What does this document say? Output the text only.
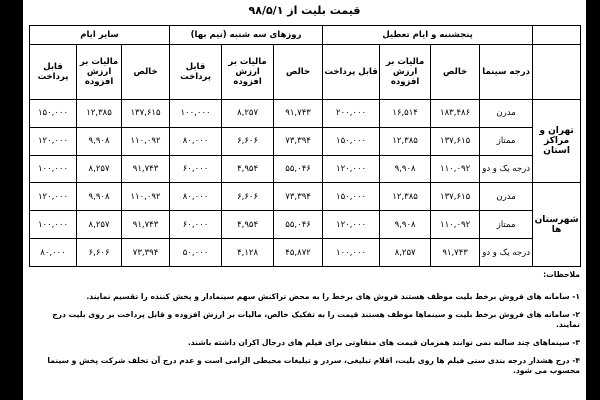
قیمت بلیت از ۹۸/۵/۱
	پنجشنبه و ایام تعطیل				روزهای سه شنبه (نیم بها)			سایر ایام		
	درجه سینما	خالص	مالیات بر ارزش افزوده	قابل پرداخت	خالص	مالیات بر ارزش افزوده	قابل پرداخت	خالص	مالیات بر ارزش افزوده	قابل پرداخت
تهران و مراکز استان	مدرن	۱۸۳,۴۸۶	۱۶,۵۱۴	۲۰۰,۰۰۰	۹۱,۷۴۳	۸,۲۵۷	۱۰۰,۰۰۰	۱۳۷,۶۱۵	۱۲,۳۸۵	۱۵۰,۰۰۰
	ممتاز	۱۳۷,۶۱۵	۱۲,۳۸۵	۱۵۰,۰۰۰	۷۳,۳۹۴	۶,۶۰۶	۸۰,۰۰۰	۱۱۰,۰۹۲	۹,۹۰۸	۱۲۰,۰۰۰
	درجه یک و دو	۱۱۰,۰۹۲	۹,۹۰۸	۱۲۰,۰۰۰	۵۵,۰۴۶	۴,۹۵۴	۶۰,۰۰۰	۹۱,۷۴۳	۸,۲۵۷	۱۰۰,۰۰۰
شهرستان ها	مدرن	۱۳۷,۶۱۵	۱۲,۳۸۵	۱۵۰,۰۰۰	۷۳,۳۹۴	۶,۶۰۶	۸۰,۰۰۰	۱۱۰,۰۹۲	۹,۹۰۸	۱۲۰,۰۰۰
	ممتاز	۱۱۰,۰۹۲	۹,۹۰۸	۱۲۰,۰۰۰	۵۵,۰۴۶	۴,۹۵۴	۶۰,۰۰۰	۹۱,۷۴۳	۸,۲۵۷	۱۰۰,۰۰۰
	درجه یک و دو	۹۱,۷۴۳	۸,۲۵۷	۱۰۰,۰۰۰	۴۵,۸۷۲	۴,۱۲۸	۵۰,۰۰۰	۷۳,۳۹۴	۶,۶۰۶	۸۰,۰۰۰
ملاحظات:

۱- سامانه های فروش برخط بلیت موظف هستند فروش های برخط را به محض تراکنش سهم سینمادار و پخش کننده را تقسیم نمایند.

۲- سامانه های فروش برخط بلیت و سینماها موظف هستند قیمت را به تفکیک خالص، مالیات بر ارزش افزوده و قابل پرداخت بر روی بلیت درج نمایند.

۳- سینماهای چند سالنه نمی توانند همزمان قیمت های متفاوتی برای فیلم های درحال اکران داشته باشند.

۴- درج هشدار درجه بندی سنی فیلم ها روی بلیت، اقلام تبلیغی، سردر و تبلیغات محیطی الزامی است و عدم درج آن تخلف شرکت پخش و سینما محسوب می شود.
